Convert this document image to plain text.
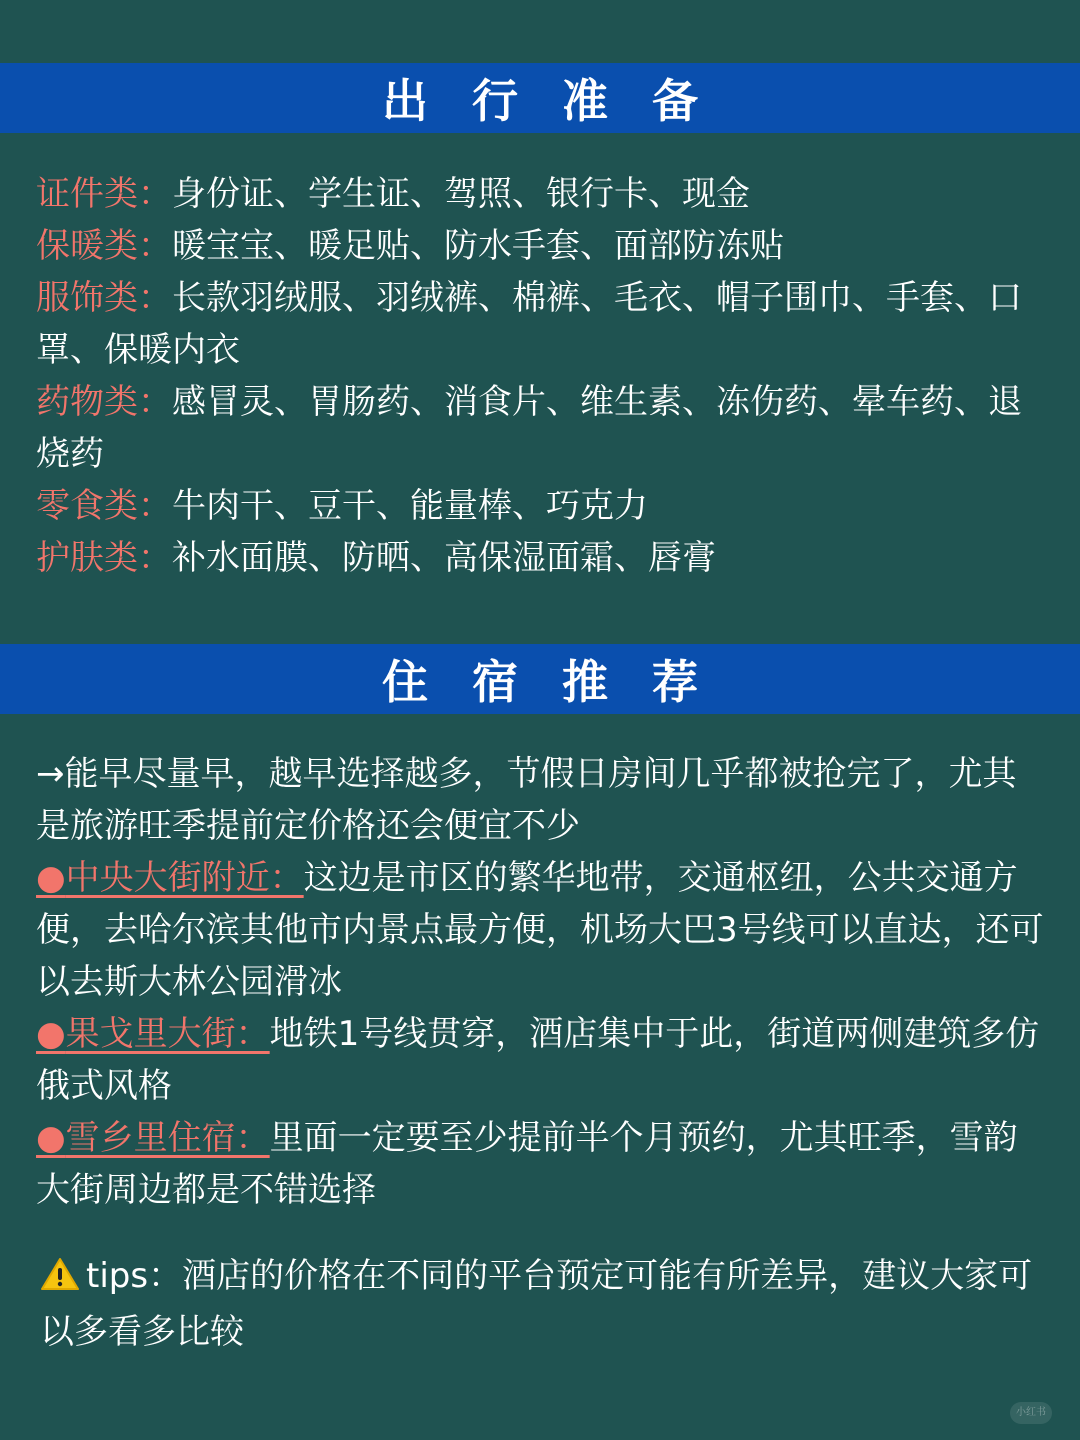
出 行 准 备

证件类：身份证、学生证、驾照、银行卡、现金

保暖类：暖宝宝、暖足贴、防水手套、面部防冻贴

服饰类：长款羽绒服、羽绒裤、棉裤、毛衣、帽子围巾、手套、口罩、保暖内衣

药物类：感冒灵、胃肠药、消食片、维生素、冻伤药、晕车药、退烧药

零食类：牛肉干、豆干、能量棒、巧克力

护肤类：补水面膜、防晒、高保湿面霜、唇膏

住 宿 推 荐

→能早尽量早，越早选择越多，节假日房间几乎都被抢完了，尤其是旅游旺季提前定价格还会便宜不少

●中央大街附近：这边是市区的繁华地带，交通枢纽，公共交通方便，去哈尔滨其他市内景点最方便，机场大巴3号线可以直达，还可以去斯大林公园滑冰

●果戈里大街：地铁1号线贯穿，酒店集中于此，街道两侧建筑多仿俄式风格

●雪乡里住宿：里面一定要至少提前半个月预约，尤其旺季，雪韵大街周边都是不错选择

tips：酒店的价格在不同的平台预定可能有所差异，建议大家可以多看多比较
小红书
